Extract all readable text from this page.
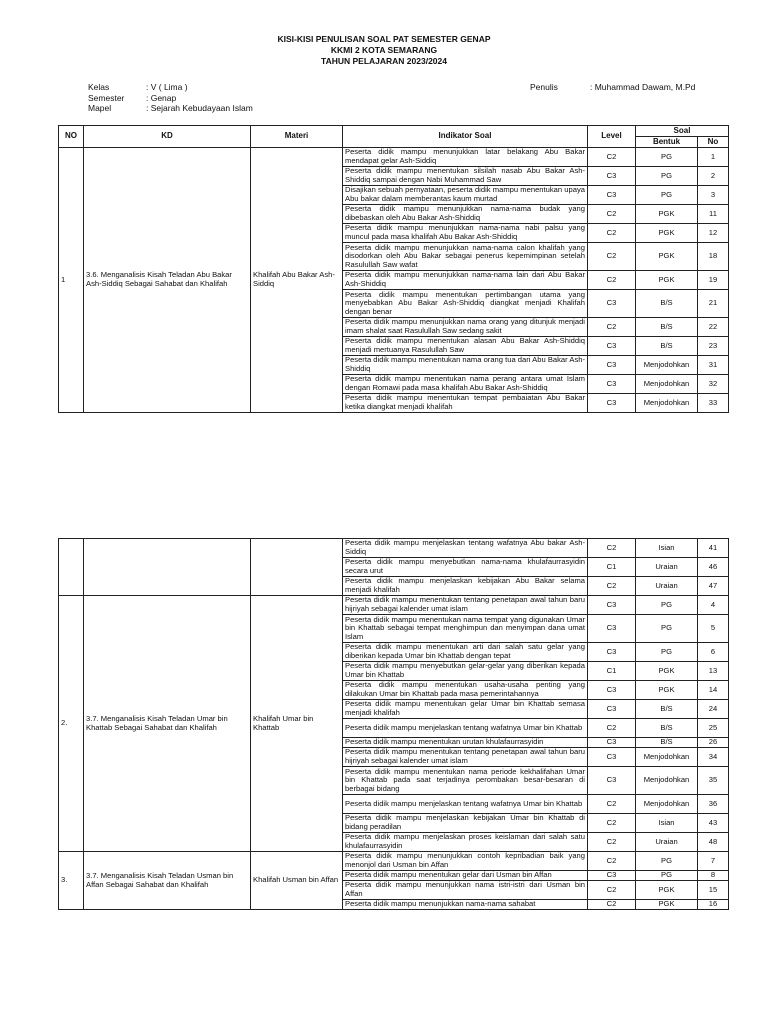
KISI-KISI PENULISAN SOAL PAT SEMESTER GENAP
KKMI 2 KOTA SEMARANG
TAHUN PELAJARAN 2023/2024
Kelas	: V ( Lima )
Semester	: Genap
Mapel	: Sejarah Kebudayaan Islam
Penulis	: Muhammad Dawam, M.Pd
NO	KD	Materi	Indikator Soal	Level	Soal	
					Bentuk	No
1	3.6. Menganalisis Kisah Teladan Abu Bakar Ash-Siddiq Sebagai Sahabat dan Khalifah	Khalifah Abu Bakar Ash-Siddiq	Peserta didik mampu menunjukkan latar belakang Abu Bakar mendapat gelar Ash-Siddiq	C2	PG	1
			Peserta didik mampu menentukan silsilah nasab Abu Bakar Ash-Shiddiq sampai dengan Nabi Muhammad Saw	C3	PG	2
			Disajikan sebuah pernyataan, peserta didik mampu menentukan upaya Abu bakar dalam memberantas kaum murtad	C3	PG	3
			Peserta didik mampu menunjukkan nama-nama budak yang dibebaskan oleh Abu Bakar Ash-Shiddiq	C2	PGK	11
			Peserta didik mampu menunjukkan nama-nama nabi palsu yang muncul pada masa khalifah Abu Bakar Ash-Shiddiq	C2	PGK	12
			Peserta didik mampu menunjukkan nama-nama calon khalifah yang disodorkan oleh Abu Bakar sebagai penerus kepemimpinan setelah Rasulullah Saw wafat	C2	PGK	18
			Peserta didik mampu menunjukkan nama-nama lain dari Abu Bakar Ash-Shiddiq	C2	PGK	19
			Peserta didik mampu menentukan pertimbangan utama yang menyebabkan Abu Bakar Ash-Shiddiq diangkat menjadi Khalifah dengan benar	C3	B/S	21
			Peserta didik mampu menunjukkan nama orang yang ditunjuk menjadi imam shalat saat Rasulullah Saw sedang sakit	C2	B/S	22
			Peserta didik mampu menentukan alasan Abu Bakar Ash-Shiddiq menjadi mertuanya Rasulullah Saw	C3	B/S	23
			Peserta didik mampu menentukan nama orang tua dari Abu Bakar Ash-Shiddiq	C3	Menjodohkan	31
			Peserta didik mampu menentukan nama perang antara umat Islam dengan Romawi pada masa khalifah Abu Bakar Ash-Shiddiq	C3	Menjodohkan	32
			Peserta didik mampu menentukan tempat pembaiatan Abu Bakar ketika diangkat menjadi khalifah	C3	Menjodohkan	33
			Peserta didik mampu menjelaskan tentang wafatnya Abu bakar Ash-Siddiq	C2	Isian	41
			Peserta didik mampu menyebutkan nama-nama khulafaurrasyidin secara urut	C1	Uraian	46
			Peserta didik mampu menjelaskan kebijakan Abu Bakar selama menjadi khalifah	C2	Uraian	47
2.	3.7. Menganalisis Kisah Teladan Umar bin Khattab Sebagai Sahabat dan Khalifah	Khalifah Umar bin Khattab	Peserta didik mampu menentukan tentang penetapan awal tahun baru hijriyah sebagai kalender umat islam	C3	PG	4
			Peserta didik mampu menentukan nama tempat yang digunakan Umar bin Khattab sebagai tempat menghimpun dan menyimpan dana umat Islam	C3	PG	5
			Peserta didik mampu menentukan arti dari salah satu gelar yang diberikan kepada Umar bin Khattab dengan tepat	C3	PG	6
			Peserta didik mampu menyebutkan gelar-gelar yang diberikan kepada Umar bin Khattab	C1	PGK	13
			Peserta didik mampu menentukan usaha-usaha penting yang dilakukan Umar bin Khattab pada masa pemerintahannya	C3	PGK	14
			Peserta didik mampu menentukan gelar Umar bin Khattab semasa menjadi khalifah	C3	B/S	24
			Peserta didik mampu menjelaskan tentang wafatnya Umar bin Khattab	C2	B/S	25
			Peserta didik mampu menentukan urutan khulafaurrasyidin	C3	B/S	26
			Peserta didik mampu menentukan tentang penetapan awal tahun baru hijriyah sebagai kalender umat islam	C3	Menjodohkan	34
			Peserta didik mampu menentukan nama periode kekhalifahan Umar bin Khattab pada saat terjadinya perombakan besar-besaran di berbagai bidang	C3	Menjodohkan	35
			Peserta didik mampu menjelaskan tentang wafatnya Umar bin Khattab	C2	Menjodohkan	36
			Peserta didik mampu menjelaskan kebijakan Umar bin Khattab di bidang peradilan	C2	Isian	43
			Peserta didik mampu menjelaskan proses keislaman dari salah satu khulafaurrasyidin	C2	Uraian	48
3.	3.7. Menganalisis Kisah Teladan Usman bin Affan Sebagai Sahabat dan Khalifah	Khalifah Usman bin Affan	Peserta didik mampu menunjukkan contoh kepribadian baik yang menonjol dari Usman bin Affan	C2	PG	7
			Peserta didik mampu menentukan gelar dari Usman bin Affan	C3	PG	8
			Peserta didik mampu menunjukkan nama istri-istri dari Usman bin Affan	C2	PGK	15
			Peserta didik mampu menunjukkan nama-nama sahabat	C2	PGK	16
